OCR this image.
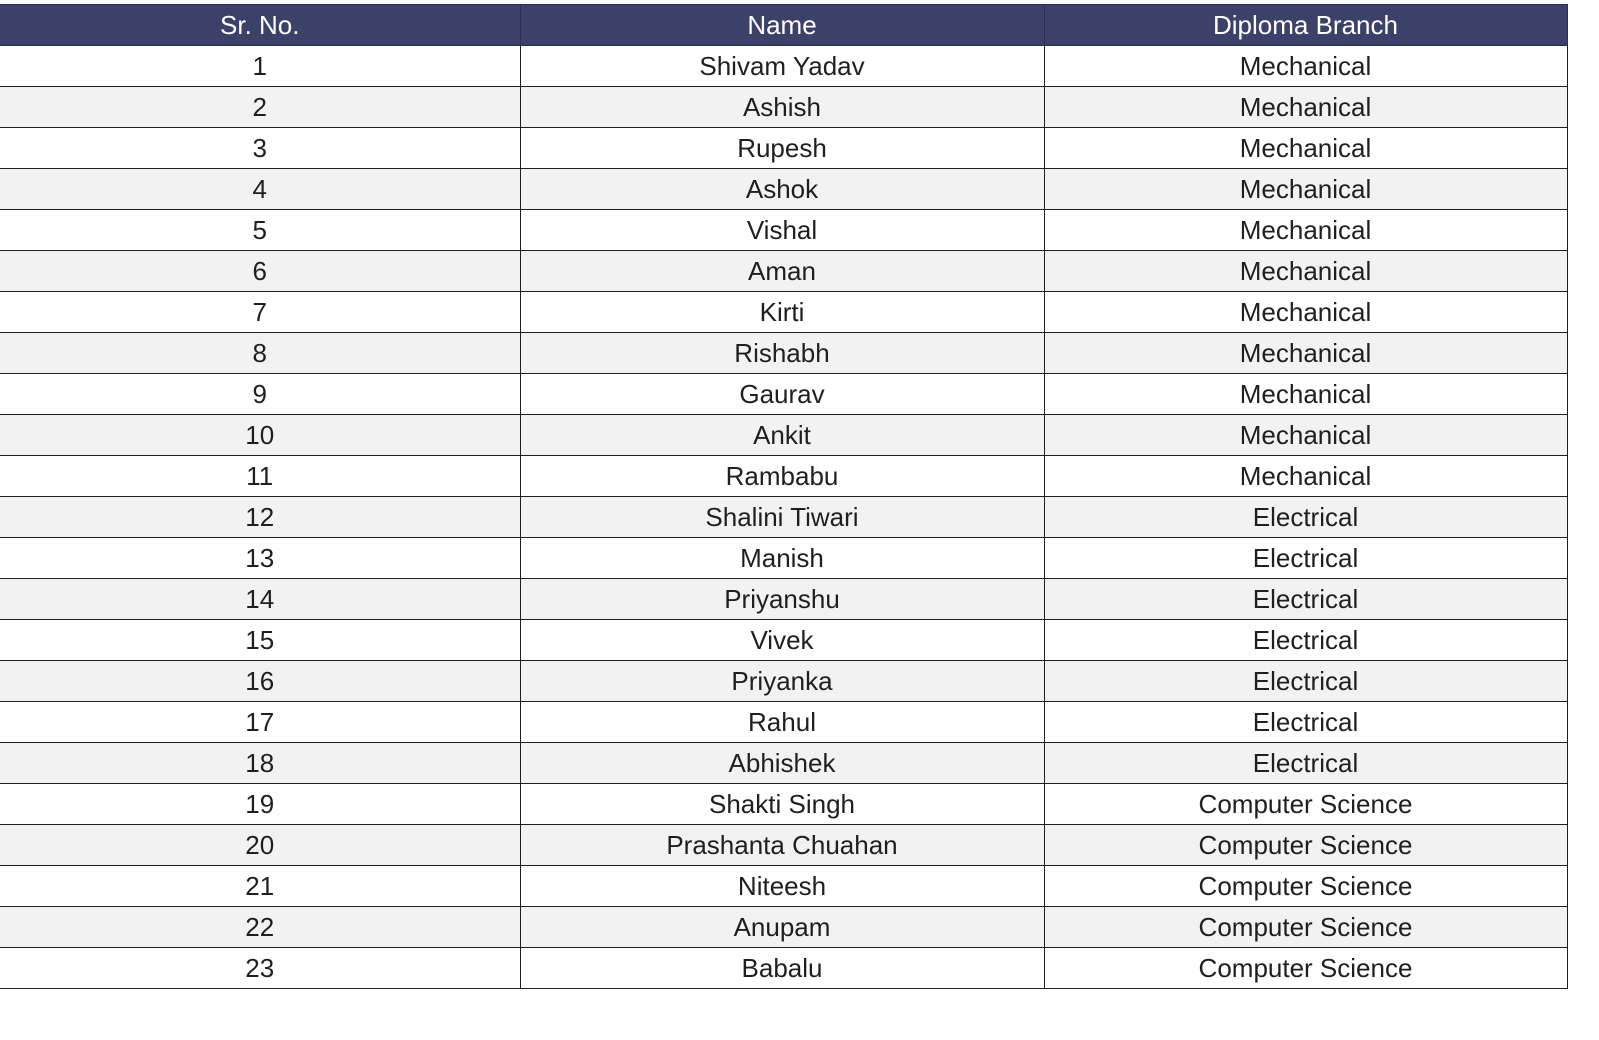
Sr. No.	Name	Diploma Branch
1	Shivam Yadav	Mechanical
2	Ashish	Mechanical
3	Rupesh	Mechanical
4	Ashok	Mechanical
5	Vishal	Mechanical
6	Aman	Mechanical
7	Kirti	Mechanical
8	Rishabh	Mechanical
9	Gaurav	Mechanical
10	Ankit	Mechanical
11	Rambabu	Mechanical
12	Shalini Tiwari	Electrical
13	Manish	Electrical
14	Priyanshu	Electrical
15	Vivek	Electrical
16	Priyanka	Electrical
17	Rahul	Electrical
18	Abhishek	Electrical
19	Shakti Singh	Computer Science
20	Prashanta Chuahan	Computer Science
21	Niteesh	Computer Science
22	Anupam	Computer Science
23	Babalu	Computer Science
